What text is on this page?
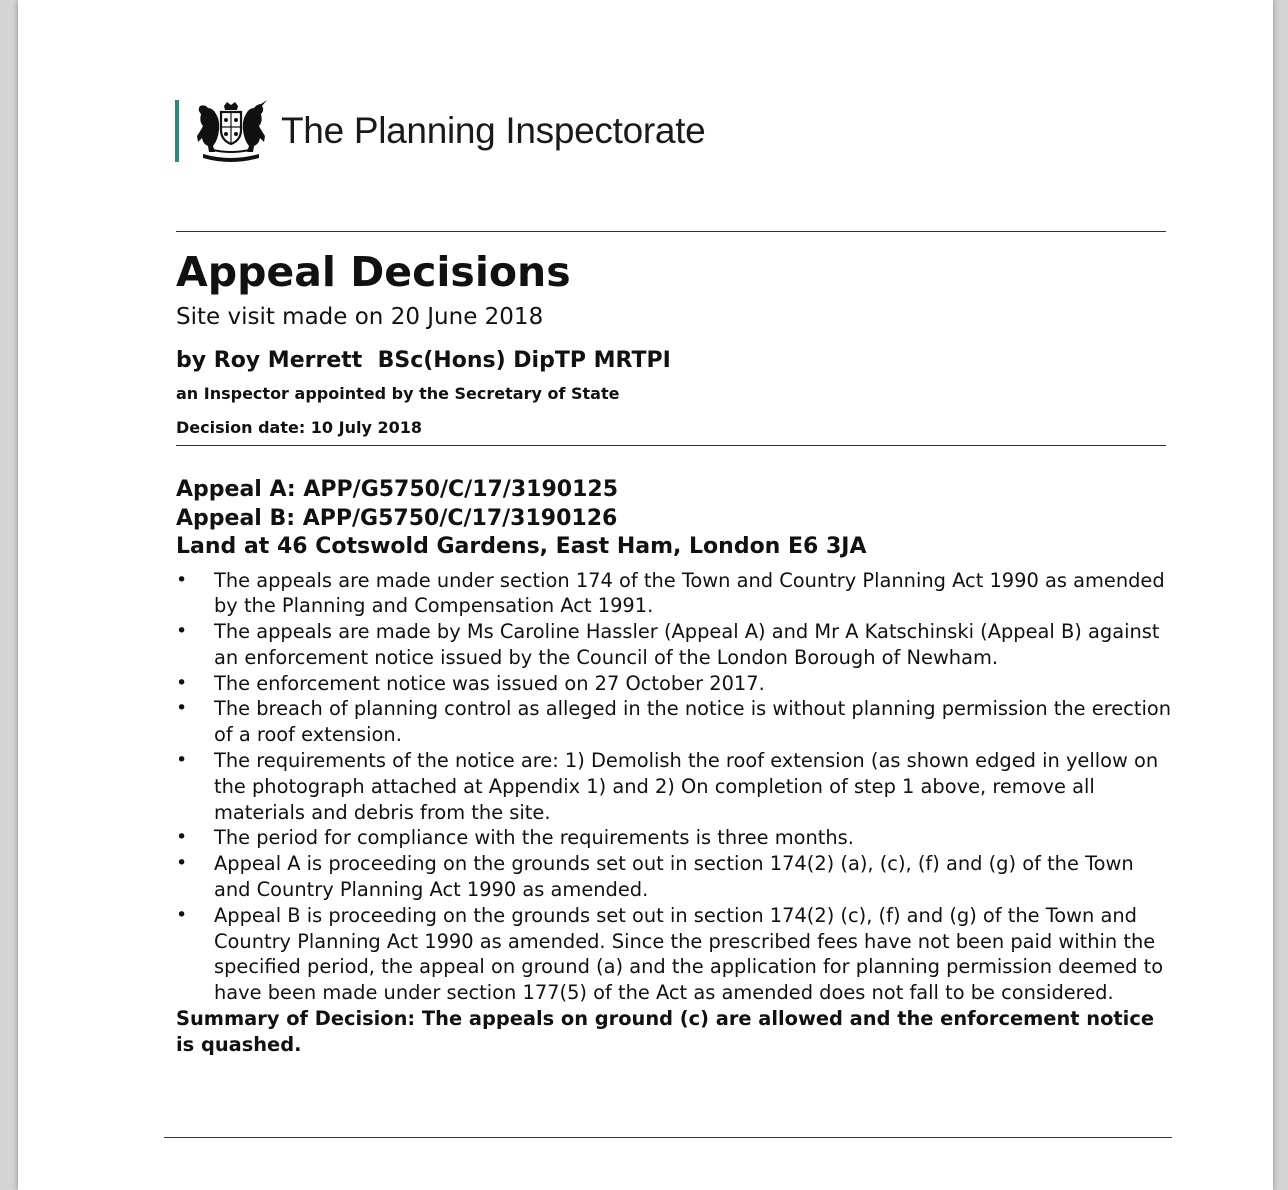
The Planning Inspectorate
Appeal Decisions
Site visit made on 20 June 2018
by Roy Merrett  BSc(Hons) DipTP MRTPI
an Inspector appointed by the Secretary of State
Decision date: 10 July 2018
Appeal A: APP/G5750/C/17/3190125
Appeal B: APP/G5750/C/17/3190126
Land at 46 Cotswold Gardens, East Ham, London E6 3JA
• The appeals are made under section 174 of the Town and Country Planning Act 1990 as amended by the Planning and Compensation Act 1991.
• The appeals are made by Ms Caroline Hassler (Appeal A) and Mr A Katschinski (Appeal B) against an enforcement notice issued by the Council of the London Borough of Newham.
• The enforcement notice was issued on 27 October 2017.
• The breach of planning control as alleged in the notice is without planning permission the erection of a roof extension.
• The requirements of the notice are: 1) Demolish the roof extension (as shown edged in yellow on the photograph attached at Appendix 1) and 2) On completion of step 1 above, remove all materials and debris from the site.
• The period for compliance with the requirements is three months.
• Appeal A is proceeding on the grounds set out in section 174(2) (a), (c), (f) and (g) of the Town and Country Planning Act 1990 as amended.
• Appeal B is proceeding on the grounds set out in section 174(2) (c), (f) and (g) of the Town and Country Planning Act 1990 as amended. Since the prescribed fees have not been paid within the specified period, the appeal on ground (a) and the application for planning permission deemed to have been made under section 177(5) of the Act as amended does not fall to be considered.
Summary of Decision: The appeals on ground (c) are allowed and the enforcement notice is quashed.
